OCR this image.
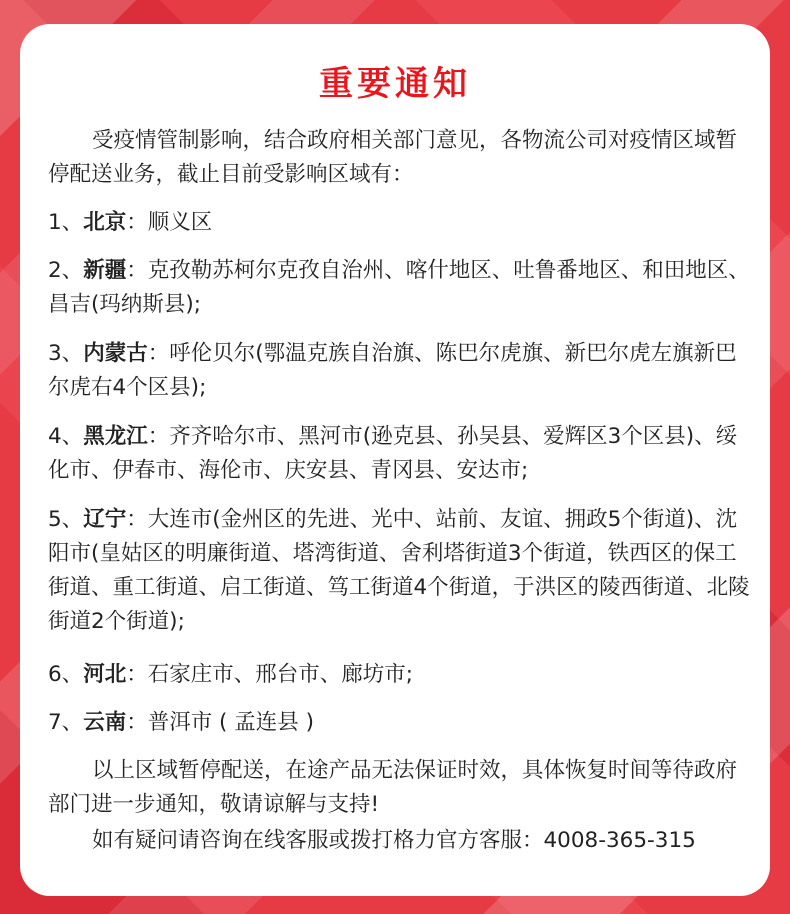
重要通知

受疫情管制影响，结合政府相关部门意见，各物流公司对疫情区域暂停配送业务，截止目前受影响区域有：

1、北京：顺义区

2、新疆：克孜勒苏柯尔克孜自治州、喀什地区、吐鲁番地区、和田地区、昌吉(玛纳斯县);

3、内蒙古：呼伦贝尔(鄂温克族自治旗、陈巴尔虎旗、新巴尔虎左旗新巴尔虎右4个区县);

4、黑龙江：齐齐哈尔市、黑河市(逊克县、孙吴县、爱辉区3个区县)、绥化市、伊春市、海伦市、庆安县、青冈县、安达市;

5、辽宁：大连市(金州区的先进、光中、站前、友谊、拥政5个街道)、沈阳市(皇姑区的明廉街道、塔湾街道、舍利塔街道3个街道，铁西区的保工街道、重工街道、启工街道、笃工街道4个街道，于洪区的陵西街道、北陵街道2个街道);

6、河北：石家庄市、邢台市、廊坊市;

7、云南：普洱市 ( 孟连县 )

以上区域暂停配送，在途产品无法保证时效，具体恢复时间等待政府部门进一步通知，敬请谅解与支持!

如有疑问请咨询在线客服或拨打格力官方客服：4008-365-315
